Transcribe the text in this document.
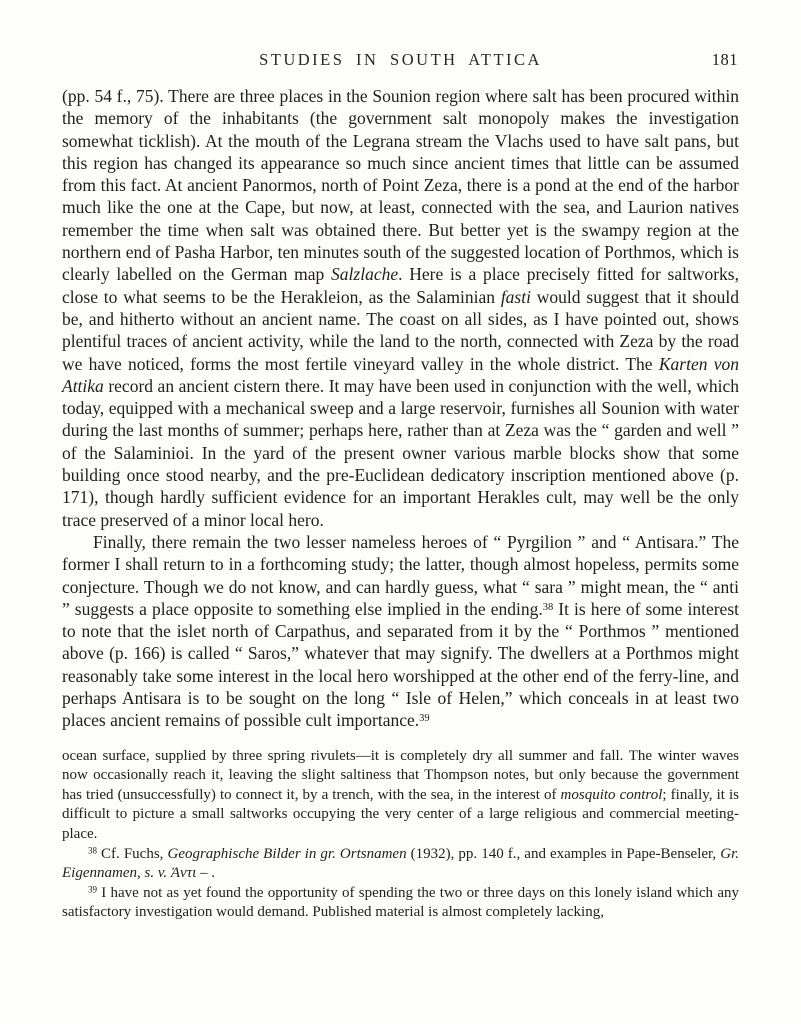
STUDIES IN SOUTH ATTICA	181

(pp. 54 f., 75). There are three places in the Sounion region where salt has been procured within the memory of the inhabitants (the government salt monopoly makes the investigation somewhat ticklish). At the mouth of the Legrana stream the Vlachs used to have salt pans, but this region has changed its appearance so much since ancient times that little can be assumed from this fact. At ancient Panormos, north of Point Zeza, there is a pond at the end of the harbor much like the one at the Cape, but now, at least, connected with the sea, and Laurion natives remember the time when salt was obtained there. But better yet is the swampy region at the northern end of Pasha Harbor, ten minutes south of the suggested location of Porthmos, which is clearly labelled on the German map Salzlache. Here is a place precisely fitted for saltworks, close to what seems to be the Herakleion, as the Salaminian fasti would suggest that it should be, and hitherto without an ancient name. The coast on all sides, as I have pointed out, shows plentiful traces of ancient activity, while the land to the north, connected with Zeza by the road we have noticed, forms the most fertile vineyard valley in the whole district. The Karten von Attika record an ancient cistern there. It may have been used in conjunction with the well, which today, equipped with a mechanical sweep and a large reservoir, furnishes all Sounion with water during the last months of summer; perhaps here, rather than at Zeza was the “ garden and well ” of the Salaminioi. In the yard of the present owner various marble blocks show that some building once stood nearby, and the pre-Euclidean dedicatory inscription mentioned above (p. 171), though hardly sufficient evidence for an important Herakles cult, may well be the only trace preserved of a minor local hero.

Finally, there remain the two lesser nameless heroes of “ Pyrgilion ” and “ Antisara.” The former I shall return to in a forthcoming study; the latter, though almost hopeless, permits some conjecture. Though we do not know, and can hardly guess, what “ sara ” might mean, the “ anti ” suggests a place opposite to something else implied in the ending.$^{38}$ It is here of some interest to note that the islet north of Carpathus, and separated from it by the “ Porthmos ” mentioned above (p. 166) is called “ Saros,” whatever that may signify. The dwellers at a Porthmos might reasonably take some interest in the local hero worshipped at the other end of the ferry-line, and perhaps Antisara is to be sought on the long “ Isle of Helen,” which conceals in at least two places ancient remains of possible cult importance.$^{39}$

ocean surface, supplied by three spring rivulets—it is completely dry all summer and fall. The winter waves now occasionally reach it, leaving the slight saltiness that Thompson notes, but only because the government has tried (unsuccessfully) to connect it, by a trench, with the sea, in the interest of mosquito control; finally, it is difficult to picture a small saltworks occupying the very center of a large religious and commercial meeting-place.

$^{38}$ Cf. Fuchs, Geographische Bilder in gr. Ortsnamen (1932), pp. 140 f., and examples in Pape-Benseler, Gr. Eigennamen, s. v. Ἀντι – .

$^{39}$ I have not as yet found the opportunity of spending the two or three days on this lonely island which any satisfactory investigation would demand. Published material is almost completely lacking,
